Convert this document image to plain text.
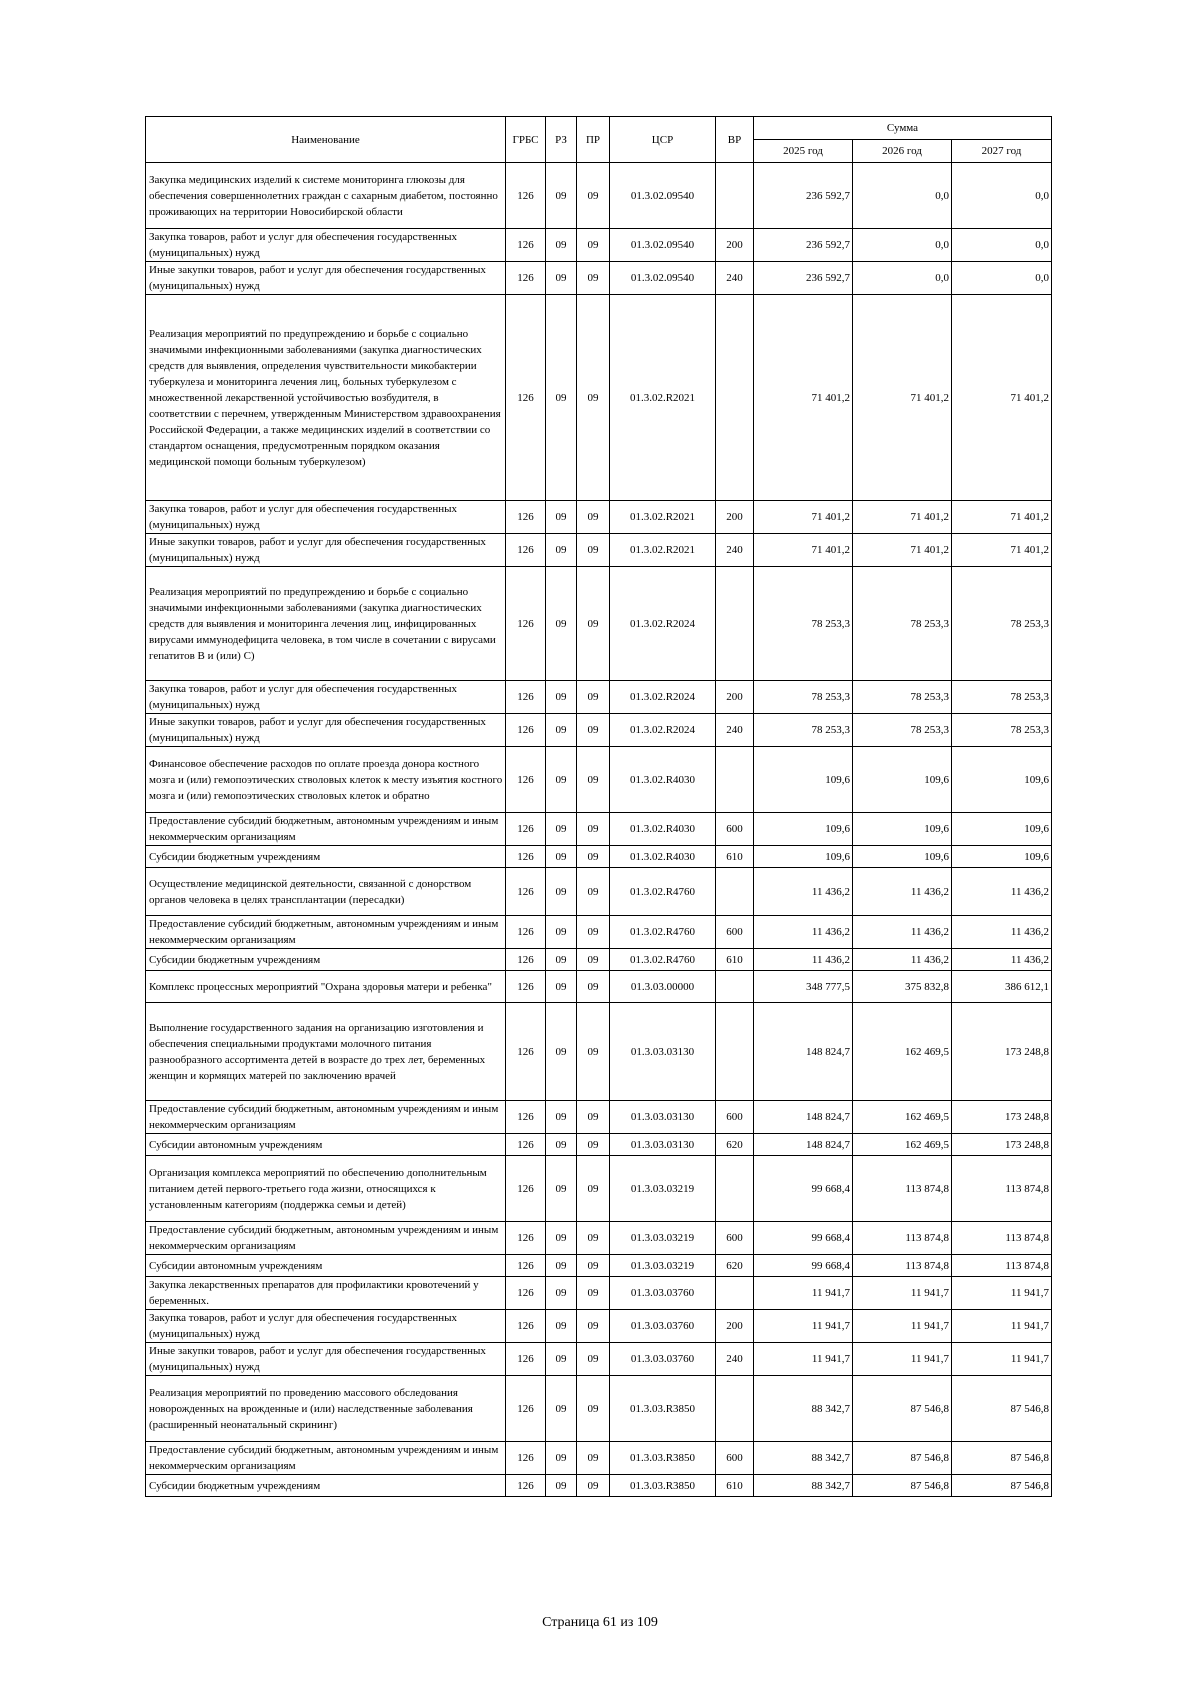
Наименование	ГРБС	РЗ	ПР	ЦСР	ВР	Сумма		
						2025 год	2026 год	2027 год
Закупка медицинских изделий к системе мониторинга глюкозы для обеспечения совершеннолетних граждан с сахарным диабетом, постоянно проживающих на территории Новосибирской области	126	09	09	01.3.02.09540		236 592,7	0,0	0,0
Закупка товаров, работ и услуг для обеспечения государственных (муниципальных) нужд	126	09	09	01.3.02.09540	200	236 592,7	0,0	0,0
Иные закупки товаров, работ и услуг для обеспечения государственных (муниципальных) нужд	126	09	09	01.3.02.09540	240	236 592,7	0,0	0,0
Реализация мероприятий по предупреждению и борьбе с социально значимыми инфекционными заболеваниями (закупка диагностических средств для выявления, определения чувствительности микобактерии туберкулеза и мониторинга лечения лиц, больных туберкулезом с множественной лекарственной устойчивостью возбудителя, в соответствии с перечнем, утвержденным Министерством здравоохранения Российской Федерации, а также медицинских изделий в соответствии со стандартом оснащения, предусмотренным порядком оказания медицинской помощи больным туберкулезом)	126	09	09	01.3.02.R2021		71 401,2	71 401,2	71 401,2
Закупка товаров, работ и услуг для обеспечения государственных (муниципальных) нужд	126	09	09	01.3.02.R2021	200	71 401,2	71 401,2	71 401,2
Иные закупки товаров, работ и услуг для обеспечения государственных (муниципальных) нужд	126	09	09	01.3.02.R2021	240	71 401,2	71 401,2	71 401,2
Реализация мероприятий по предупреждению и борьбе с социально значимыми инфекционными заболеваниями (закупка диагностических средств для выявления и мониторинга лечения лиц, инфицированных вирусами иммунодефицита человека, в том числе в сочетании с вирусами гепатитов B и (или) C)	126	09	09	01.3.02.R2024		78 253,3	78 253,3	78 253,3
Закупка товаров, работ и услуг для обеспечения государственных (муниципальных) нужд	126	09	09	01.3.02.R2024	200	78 253,3	78 253,3	78 253,3
Иные закупки товаров, работ и услуг для обеспечения государственных (муниципальных) нужд	126	09	09	01.3.02.R2024	240	78 253,3	78 253,3	78 253,3
Финансовое обеспечение расходов по оплате проезда донора костного мозга и (или) гемопоэтических стволовых клеток к месту изъятия костного мозга и (или) гемопоэтических стволовых клеток и обратно	126	09	09	01.3.02.R4030		109,6	109,6	109,6
Предоставление субсидий бюджетным, автономным учреждениям и иным некоммерческим организациям	126	09	09	01.3.02.R4030	600	109,6	109,6	109,6
Субсидии бюджетным учреждениям	126	09	09	01.3.02.R4030	610	109,6	109,6	109,6
Осуществление медицинской деятельности, связанной с донорством органов человека в целях трансплантации (пересадки)	126	09	09	01.3.02.R4760		11 436,2	11 436,2	11 436,2
Предоставление субсидий бюджетным, автономным учреждениям и иным некоммерческим организациям	126	09	09	01.3.02.R4760	600	11 436,2	11 436,2	11 436,2
Субсидии бюджетным учреждениям	126	09	09	01.3.02.R4760	610	11 436,2	11 436,2	11 436,2
Комплекс процессных мероприятий "Охрана здоровья матери и ребенка"	126	09	09	01.3.03.00000		348 777,5	375 832,8	386 612,1
Выполнение государственного задания на организацию изготовления и обеспечения специальными продуктами молочного питания разнообразного ассортимента детей в возрасте до трех лет, беременных женщин и кормящих матерей по заключению врачей	126	09	09	01.3.03.03130		148 824,7	162 469,5	173 248,8
Предоставление субсидий бюджетным, автономным учреждениям и иным некоммерческим организациям	126	09	09	01.3.03.03130	600	148 824,7	162 469,5	173 248,8
Субсидии автономным учреждениям	126	09	09	01.3.03.03130	620	148 824,7	162 469,5	173 248,8
Организация комплекса мероприятий по обеспечению дополнительным питанием детей первого-третьего года жизни, относящихся к установленным категориям (поддержка семьи и детей)	126	09	09	01.3.03.03219		99 668,4	113 874,8	113 874,8
Предоставление субсидий бюджетным, автономным учреждениям и иным некоммерческим организациям	126	09	09	01.3.03.03219	600	99 668,4	113 874,8	113 874,8
Субсидии автономным учреждениям	126	09	09	01.3.03.03219	620	99 668,4	113 874,8	113 874,8
Закупка лекарственных препаратов для профилактики кровотечений у беременных.	126	09	09	01.3.03.03760		11 941,7	11 941,7	11 941,7
Закупка товаров, работ и услуг для обеспечения государственных (муниципальных) нужд	126	09	09	01.3.03.03760	200	11 941,7	11 941,7	11 941,7
Иные закупки товаров, работ и услуг для обеспечения государственных (муниципальных) нужд	126	09	09	01.3.03.03760	240	11 941,7	11 941,7	11 941,7
Реализация мероприятий по проведению массового обследования новорожденных на врожденные и (или) наследственные заболевания (расширенный неонатальный скрининг)	126	09	09	01.3.03.R3850		88 342,7	87 546,8	87 546,8
Предоставление субсидий бюджетным, автономным учреждениям и иным некоммерческим организациям	126	09	09	01.3.03.R3850	600	88 342,7	87 546,8	87 546,8
Субсидии бюджетным учреждениям	126	09	09	01.3.03.R3850	610	88 342,7	87 546,8	87 546,8
Страница 61 из 109
